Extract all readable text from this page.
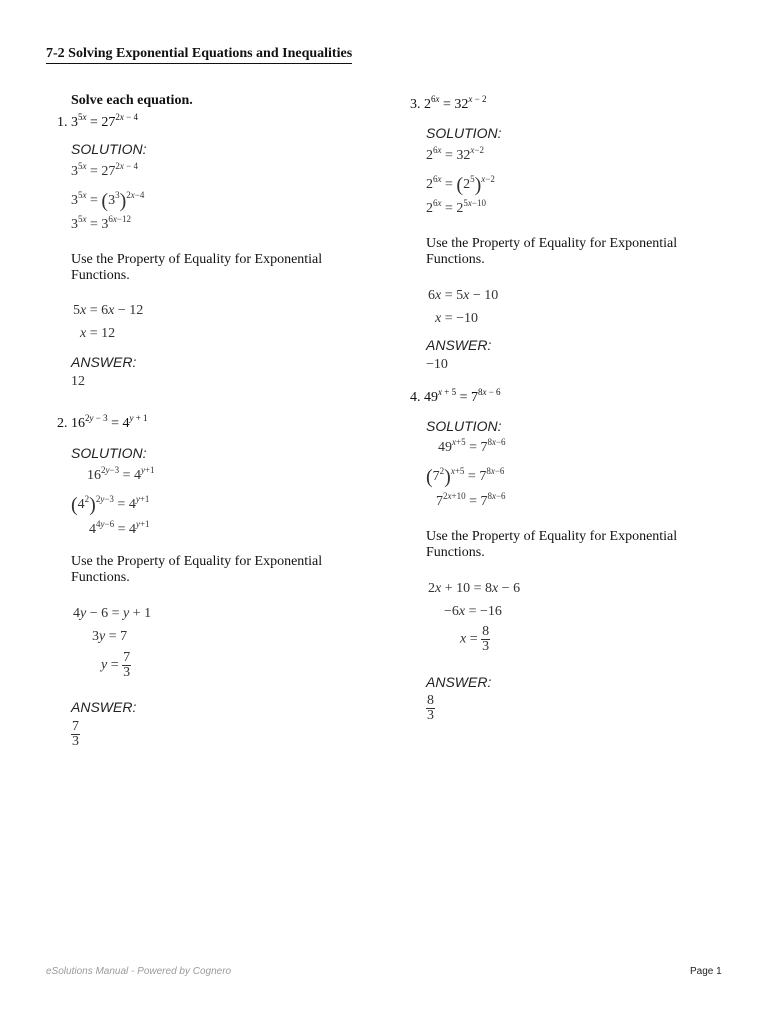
7-2 Solving Exponential Equations and Inequalities
Solve each equation.
1. $3^{5x} = 27^{2x - 4}$
SOLUTION:
$3^{5x} = 27^{2x - 4}$
$3^{5x} = (3^3)^{2x-4}$
$3^{5x} = 3^{6x-12}$
Use the Property of Equality for Exponential Functions.
5x = 6x − 12
x = 12
ANSWER:
12
2. $16^{2y - 3} = 4^{y + 1}$
SOLUTION:
$16^{2y-3} = 4^{y+1}$
$(4^2)^{2y-3} = 4^{y+1}$
$4^{4y-6} = 4^{y+1}$
Use the Property of Equality for Exponential Functions.
4y − 6 = y + 1
3y = 7
$y = \frac{7}{3}$
ANSWER:
$\frac{7}{3}$
3. $2^{6x} = 32^{x - 2}$
SOLUTION:
$2^{6x} = 32^{x-2}$
$2^{6x} = (2^5)^{x-2}$
$2^{6x} = 2^{5x-10}$
Use the Property of Equality for Exponential Functions.
6x = 5x − 10
x = −10
ANSWER:
−10
4. $49^{x + 5} = 7^{8x - 6}$
SOLUTION:
$49^{x+5} = 7^{8x-6}$
$(7^2)^{x+5} = 7^{8x-6}$
$7^{2x+10} = 7^{8x-6}$
Use the Property of Equality for Exponential Functions.
2x + 10 = 8x − 6
−6x = −16
$x = \frac{8}{3}$
ANSWER:
$\frac{8}{3}$
eSolutions Manual - Powered by Cognero	Page 1
